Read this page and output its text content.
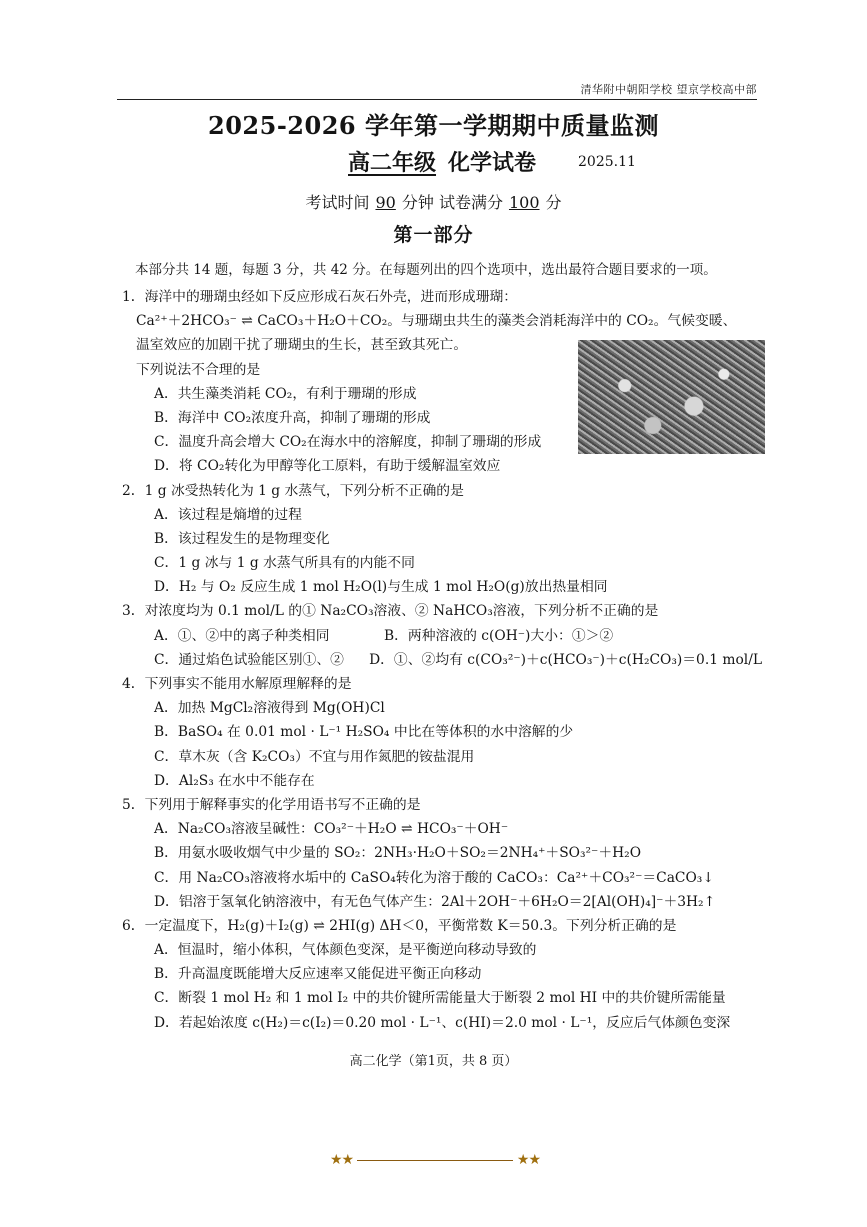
清华附中朝阳学校 望京学校高中部
2025-2026 学年第一学期期中质量监测
高二年级 化学试卷	2025.11
考试时间 90 分钟 试卷满分 100 分
第一部分
本部分共 14 题，每题 3 分，共 42 分。在每题列出的四个选项中，选出最符合题目要求的一项。
1．海洋中的珊瑚虫经如下反应形成石灰石外壳，进而形成珊瑚：
Ca²⁺＋2HCO₃⁻ ⇌ CaCO₃＋H₂O＋CO₂。与珊瑚虫共生的藻类会消耗海洋中的 CO₂。气候变暖、
温室效应的加剧干扰了珊瑚虫的生长，甚至致其死亡。
下列说法不合理的是
A．共生藻类消耗 CO₂，有利于珊瑚的形成
B．海洋中 CO₂浓度升高，抑制了珊瑚的形成
C．温度升高会增大 CO₂在海水中的溶解度，抑制了珊瑚的形成
D．将 CO₂转化为甲醇等化工原料，有助于缓解温室效应
2．1 g 冰受热转化为 1 g 水蒸气，下列分析不正确的是
A．该过程是熵增的过程
B．该过程发生的是物理变化
C．1 g 冰与 1 g 水蒸气所具有的内能不同
D．H₂ 与 O₂ 反应生成 1 mol H₂O(l)与生成 1 mol H₂O(g)放出热量相同
3．对浓度均为 0.1 mol/L 的① Na₂CO₃溶液、② NaHCO₃溶液，下列分析不正确的是
A．①、②中的离子种类相同	B．两种溶液的 c(OH⁻)大小：①＞②
C．通过焰色试验能区别①、②	D．①、②均有 c(CO₃²⁻)＋c(HCO₃⁻)＋c(H₂CO₃)＝0.1 mol/L
4．下列事实不能用水解原理解释的是
A．加热 MgCl₂溶液得到 Mg(OH)Cl
B．BaSO₄ 在 0.01 mol · L⁻¹ H₂SO₄ 中比在等体积的水中溶解的少
C．草木灰（含 K₂CO₃）不宜与用作氮肥的铵盐混用
D．Al₂S₃ 在水中不能存在
5．下列用于解释事实的化学用语书写不正确的是
A．Na₂CO₃溶液呈碱性：CO₃²⁻＋H₂O ⇌ HCO₃⁻＋OH⁻
B．用氨水吸收烟气中少量的 SO₂：2NH₃·H₂O＋SO₂＝2NH₄⁺＋SO₃²⁻＋H₂O
C．用 Na₂CO₃溶液将水垢中的 CaSO₄转化为溶于酸的 CaCO₃：Ca²⁺＋CO₃²⁻＝CaCO₃↓
D．铝溶于氢氧化钠溶液中，有无色气体产生：2Al＋2OH⁻＋6H₂O＝2[Al(OH)₄]⁻＋3H₂↑
6．一定温度下，H₂(g)＋I₂(g) ⇌ 2HI(g) ΔH＜0，平衡常数 K＝50.3。下列分析正确的是
A．恒温时，缩小体积，气体颜色变深，是平衡逆向移动导致的
B．升高温度既能增大反应速率又能促进平衡正向移动
C．断裂 1 mol H₂ 和 1 mol I₂ 中的共价键所需能量大于断裂 2 mol HI 中的共价键所需能量
D．若起始浓度 c(H₂)＝c(I₂)＝0.20 mol · L⁻¹、c(HI)＝2.0 mol · L⁻¹，反应后气体颜色变深
高二化学（第1页，共 8 页）
★★	★★
